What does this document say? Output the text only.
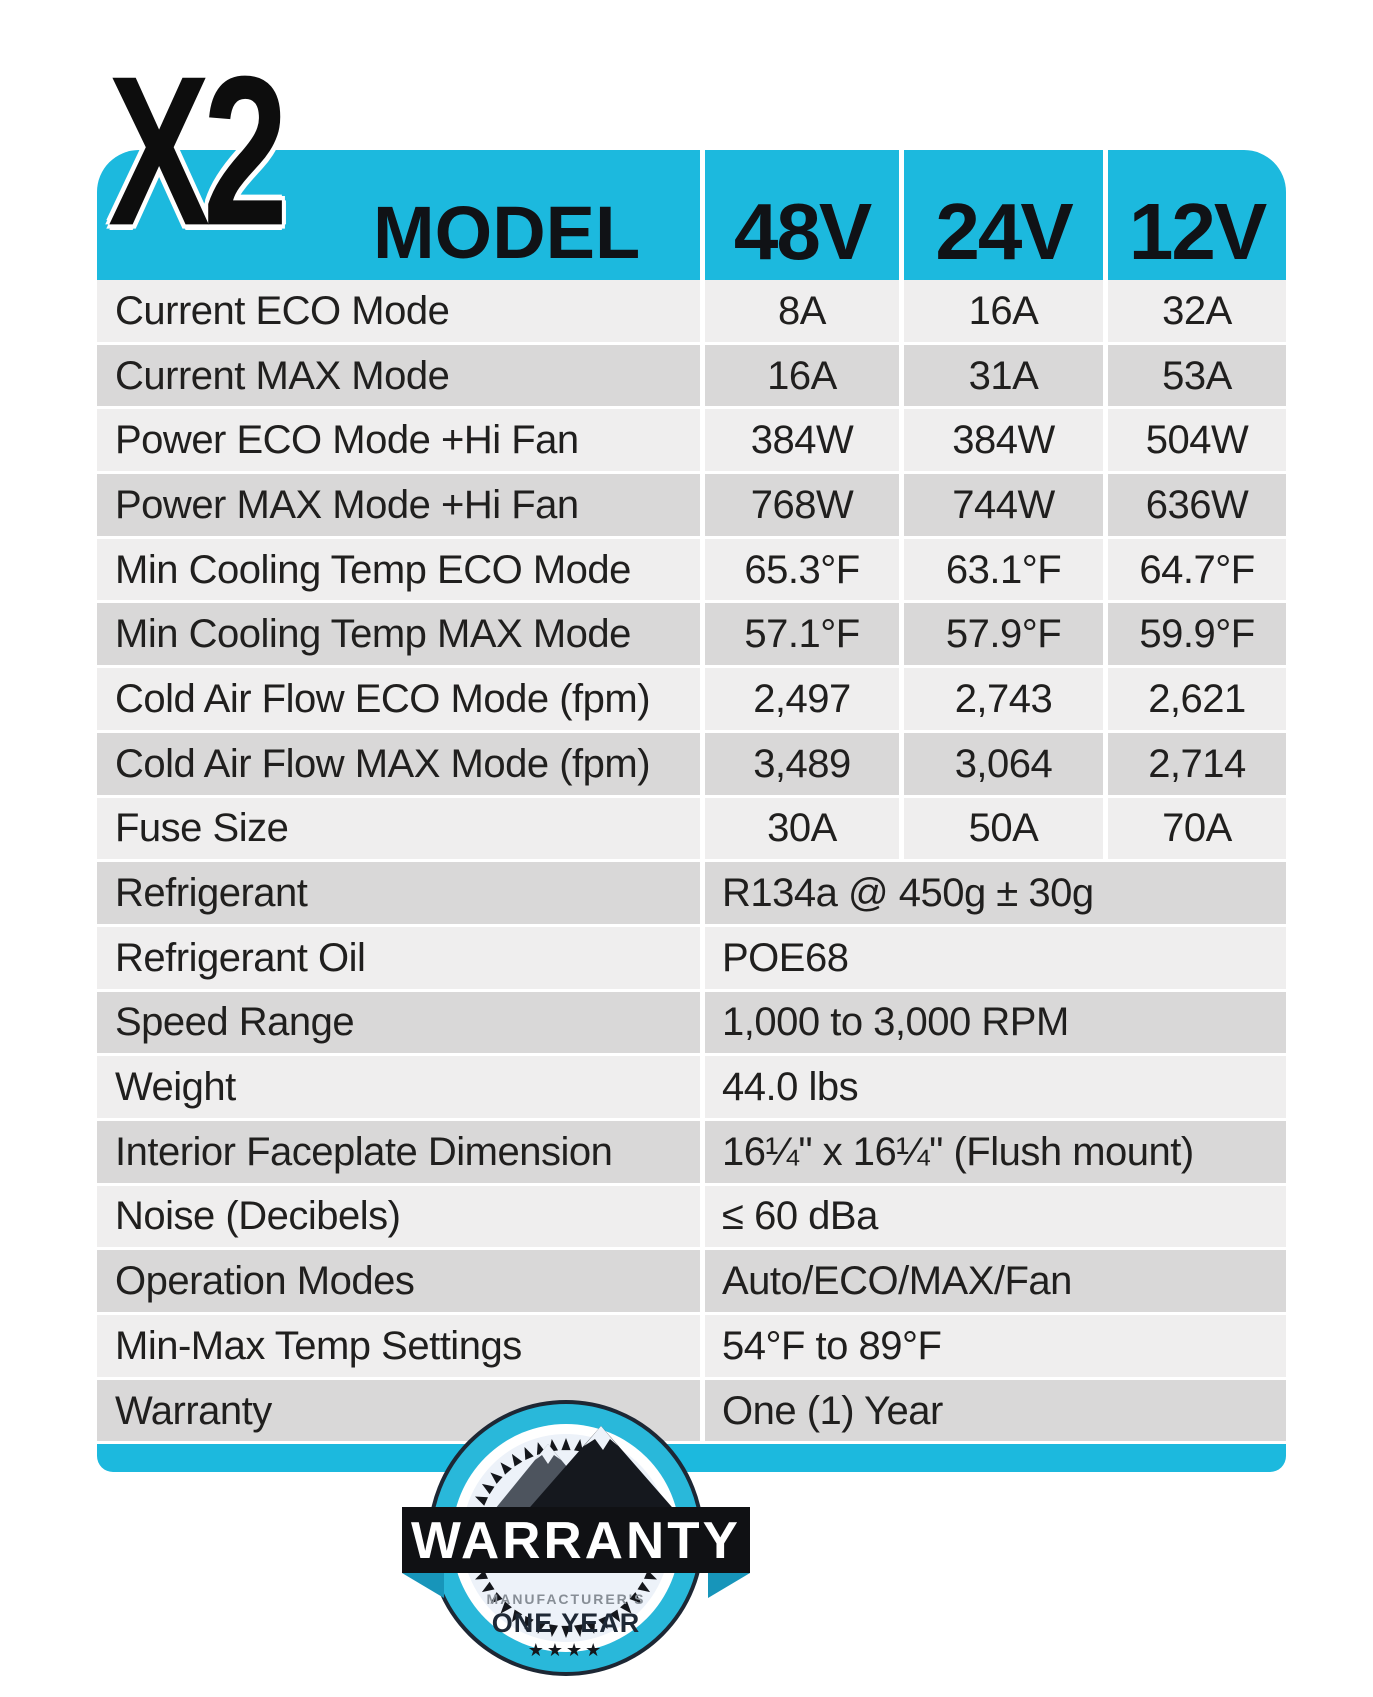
MODEL	48V 24V 12V
Current ECO Mode	8A	16A	32A
Current MAX Mode	16A	31A	53A
Power ECO Mode +Hi Fan	384W	384W	504W
Power MAX Mode +Hi Fan	768W	744W	636W
Min Cooling Temp ECO Mode	65.3°F	63.1°F	64.7°F
Min Cooling Temp MAX Mode	57.1°F	57.9°F	59.9°F
Cold Air Flow ECO Mode (fpm)	2,497	2,743	2,621
Cold Air Flow MAX Mode (fpm)	3,489	3,064	2,714
Fuse Size	30A	50A	70A
Refrigerant	R134a @ 450g ± 30g
Refrigerant Oil	POE68
Speed Range	1,000 to 3,000 RPM
Weight	44.0 lbs
Interior Faceplate Dimension	16¼" x 16¼" (Flush mount)
Noise (Decibels)	≤ 60 dBa
Operation Modes	Auto/ECO/MAX/Fan
Min-Max Temp Settings	54°F to 89°F
Warranty	One (1) Year
X2
WARRANTY
MANUFACTURER'S
ONE YEAR
★★★★
